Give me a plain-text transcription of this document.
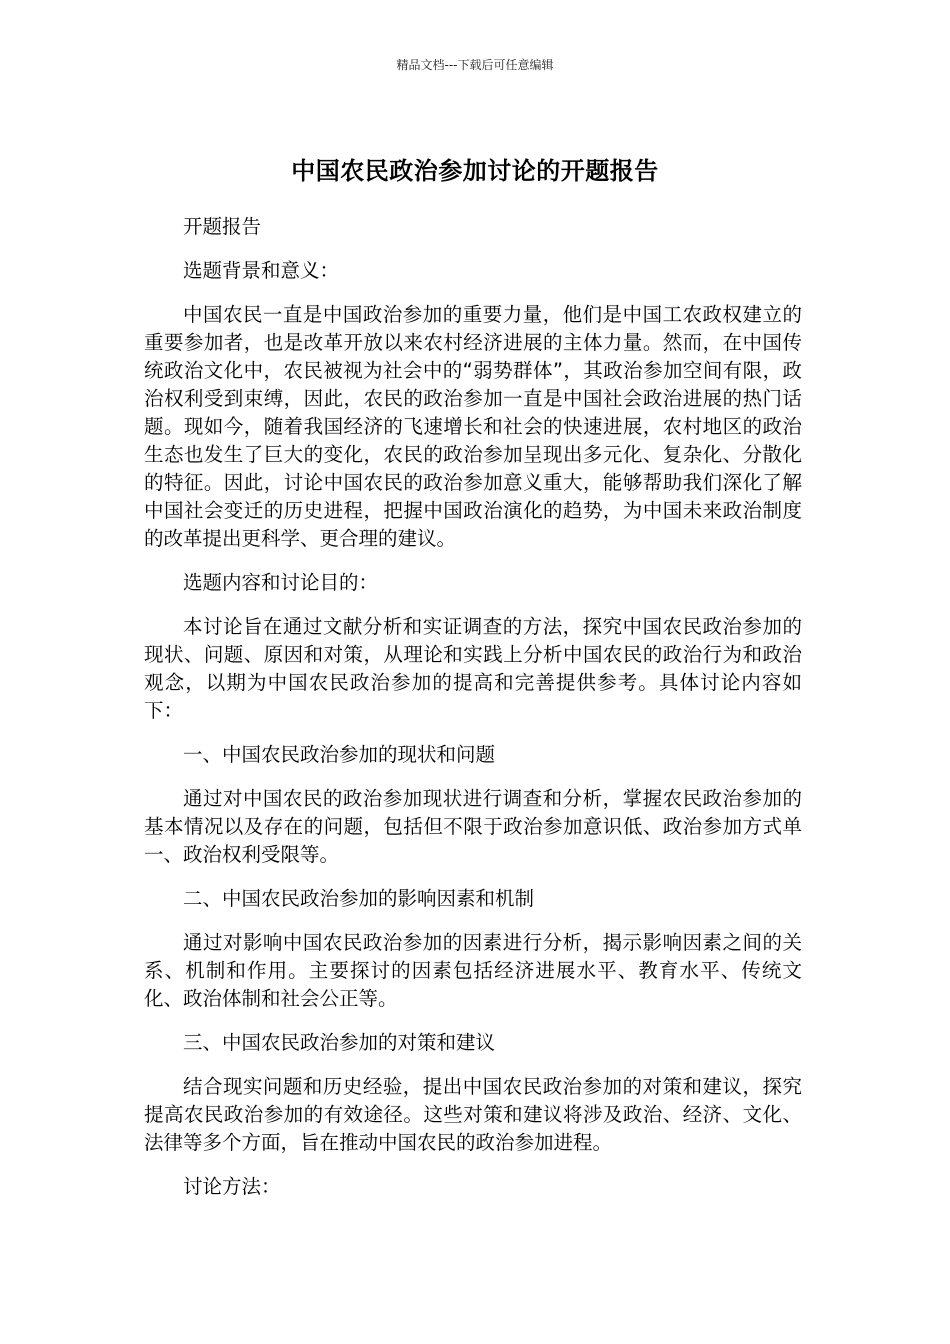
精品文档---下载后可任意编辑
中国农民政治参加讨论的开题报告

开题报告

选题背景和意义：

中国农民一直是中国政治参加的重要力量，他们是中国工农政权建立的重要参加者，也是改革开放以来农村经济进展的主体力量。然而，在中国传统政治文化中，农民被视为社会中的“弱势群体”，其政治参加空间有限，政治权利受到束缚，因此，农民的政治参加一直是中国社会政治进展的热门话题。现如今，随着我国经济的飞速增长和社会的快速进展，农村地区的政治生态也发生了巨大的变化，农民的政治参加呈现出多元化、复杂化、分散化的特征。因此，讨论中国农民的政治参加意义重大，能够帮助我们深化了解中国社会变迁的历史进程，把握中国政治演化的趋势，为中国未来政治制度的改革提出更科学、更合理的建议。

选题内容和讨论目的：

本讨论旨在通过文献分析和实证调查的方法，探究中国农民政治参加的现状、问题、原因和对策，从理论和实践上分析中国农民的政治行为和政治观念，以期为中国农民政治参加的提高和完善提供参考。具体讨论内容如下：

一、中国农民政治参加的现状和问题

通过对中国农民的政治参加现状进行调查和分析，掌握农民政治参加的基本情况以及存在的问题，包括但不限于政治参加意识低、政治参加方式单一、政治权利受限等。

二、中国农民政治参加的影响因素和机制

通过对影响中国农民政治参加的因素进行分析，揭示影响因素之间的关系、机制和作用。主要探讨的因素包括经济进展水平、教育水平、传统文化、政治体制和社会公正等。

三、中国农民政治参加的对策和建议

结合现实问题和历史经验，提出中国农民政治参加的对策和建议，探究提高农民政治参加的有效途径。这些对策和建议将涉及政治、经济、文化、法律等多个方面，旨在推动中国农民的政治参加进程。

讨论方法：
